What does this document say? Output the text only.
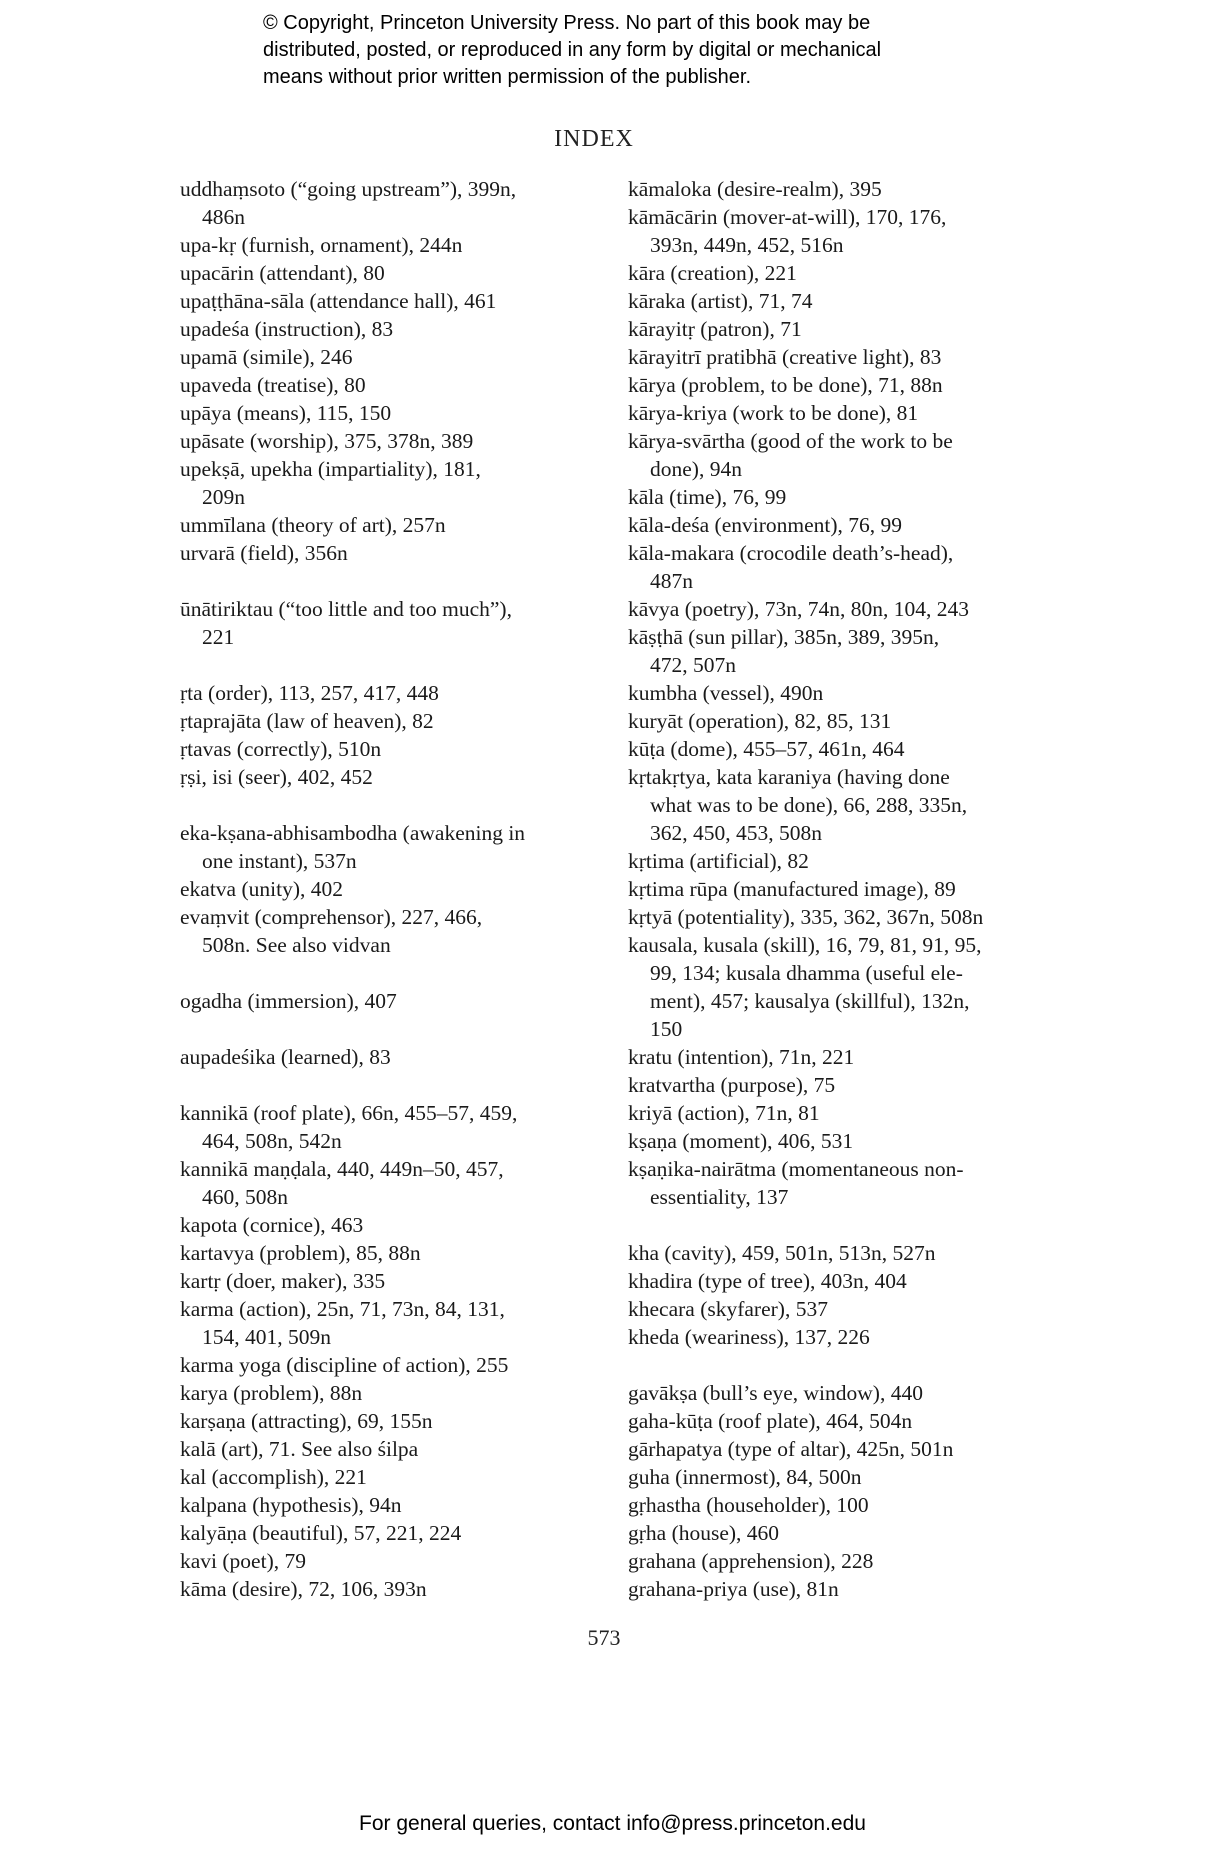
© Copyright, Princeton University Press. No part of this book may be
distributed, posted, or reproduced in any form by digital or mechanical
means without prior written permission of the publisher.
INDEX
uddhaṃsoto (“going upstream”), 399n,
486n
upa-kṛ (furnish, ornament), 244n
upacārin (attendant), 80
upaṭṭhāna-sāla (attendance hall), 461
upadeśa (instruction), 83
upamā (simile), 246
upaveda (treatise), 80
upāya (means), 115, 150
upāsate (worship), 375, 378n, 389
upekṣā, upekha (impartiality), 181,
209n
ummīlana (theory of art), 257n
urvarā (field), 356n
ūnātiriktau (“too little and too much”),
221
ṛta (order), 113, 257, 417, 448
ṛtaprajāta (law of heaven), 82
ṛtavas (correctly), 510n
ṛṣi, isi (seer), 402, 452
eka-kṣana-abhisambodha (awakening in
one instant), 537n
ekatva (unity), 402
evaṃvit (comprehensor), 227, 466,
508n. See also vidvan
ogadha (immersion), 407
aupadeśika (learned), 83
kannikā (roof plate), 66n, 455–57, 459,
464, 508n, 542n
kannikā maṇḍala, 440, 449n–50, 457,
460, 508n
kapota (cornice), 463
kartavya (problem), 85, 88n
kartṛ (doer, maker), 335
karma (action), 25n, 71, 73n, 84, 131,
154, 401, 509n
karma yoga (discipline of action), 255
karya (problem), 88n
karṣaṇa (attracting), 69, 155n
kalā (art), 71. See also śilpa
kal (accomplish), 221
kalpana (hypothesis), 94n
kalyāṇa (beautiful), 57, 221, 224
kavi (poet), 79
kāma (desire), 72, 106, 393n
kāmaloka (desire-realm), 395
kāmācārin (mover-at-will), 170, 176,
393n, 449n, 452, 516n
kāra (creation), 221
kāraka (artist), 71, 74
kārayitṛ (patron), 71
kārayitrī pratibhā (creative light), 83
kārya (problem, to be done), 71, 88n
kārya-kriya (work to be done), 81
kārya-svārtha (good of the work to be
done), 94n
kāla (time), 76, 99
kāla-deśa (environment), 76, 99
kāla-makara (crocodile death’s-head),
487n
kāvya (poetry), 73n, 74n, 80n, 104, 243
kāṣṭhā (sun pillar), 385n, 389, 395n,
472, 507n
kumbha (vessel), 490n
kuryāt (operation), 82, 85, 131
kūṭa (dome), 455–57, 461n, 464
kṛtakṛtya, kata karaniya (having done
what was to be done), 66, 288, 335n,
362, 450, 453, 508n
kṛtima (artificial), 82
kṛtima rūpa (manufactured image), 89
kṛtyā (potentiality), 335, 362, 367n, 508n
kausala, kusala (skill), 16, 79, 81, 91, 95,
99, 134; kusala dhamma (useful ele-
ment), 457; kausalya (skillful), 132n,
150
kratu (intention), 71n, 221
kratvartha (purpose), 75
kriyā (action), 71n, 81
kṣaṇa (moment), 406, 531
kṣaṇika-nairātma (momentaneous non-
essentiality, 137
kha (cavity), 459, 501n, 513n, 527n
khadira (type of tree), 403n, 404
khecara (skyfarer), 537
kheda (weariness), 137, 226
gavākṣa (bull’s eye, window), 440
gaha-kūṭa (roof plate), 464, 504n
gārhapatya (type of altar), 425n, 501n
guha (innermost), 84, 500n
gṛhastha (householder), 100
gṛha (house), 460
grahana (apprehension), 228
grahana-priya (use), 81n
573
For general queries, contact info@press.princeton.edu
